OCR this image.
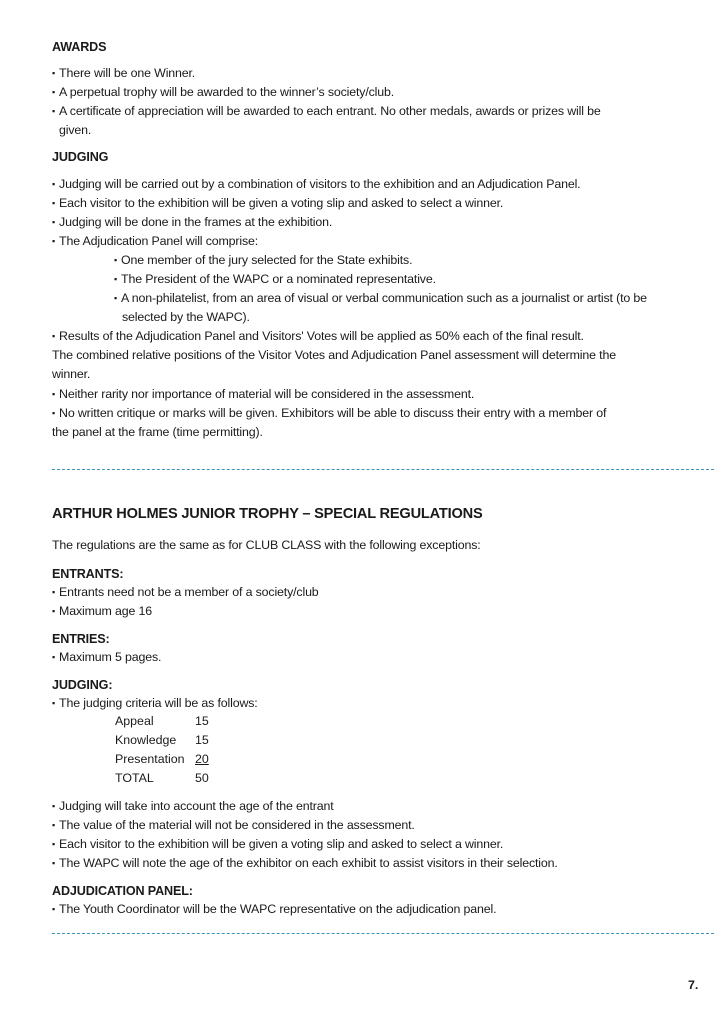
AWARDS
▪ There will be one Winner.
▪ A perpetual trophy will be awarded to the winner’s society/club.
▪ A certificate of appreciation will be awarded to each entrant. No other medals, awards or prizes will be
given.
JUDGING
▪ Judging will be carried out by a combination of visitors to the exhibition and an Adjudication Panel.
▪ Each visitor to the exhibition will be given a voting slip and asked to select a winner.
▪ Judging will be done in the frames at the exhibition.
▪ The Adjudication Panel will comprise:
▪ One member of the jury selected for the State exhibits.
▪ The President of the WAPC or a nominated representative.
▪ A non-philatelist, from an area of visual or verbal communication such as a journalist or artist (to be
selected by the WAPC).
▪ Results of the Adjudication Panel and Visitors' Votes will be applied as 50% each of the final result.
The combined relative positions of the Visitor Votes and Adjudication Panel assessment will determine the
winner.
▪ Neither rarity nor importance of material will be considered in the assessment.
▪ No written critique or marks will be given. Exhibitors will be able to discuss their entry with a member of
the panel at the frame (time permitting).
ARTHUR HOLMES JUNIOR TROPHY – SPECIAL REGULATIONS
The regulations are the same as for CLUB CLASS with the following exceptions:
ENTRANTS:
▪ Entrants need not be a member of a society/club
▪ Maximum age 16
ENTRIES:
▪ Maximum 5 pages.
JUDGING:
▪ The judging criteria will be as follows:
Appeal	15
Knowledge	15
Presentation 20
TOTAL	50
▪ Judging will take into account the age of the entrant
▪ The value of the material will not be considered in the assessment.
▪ Each visitor to the exhibition will be given a voting slip and asked to select a winner.
▪ The WAPC will note the age of the exhibitor on each exhibit to assist visitors in their selection.
ADJUDICATION PANEL:
▪ The Youth Coordinator will be the WAPC representative on the adjudication panel.
7.
